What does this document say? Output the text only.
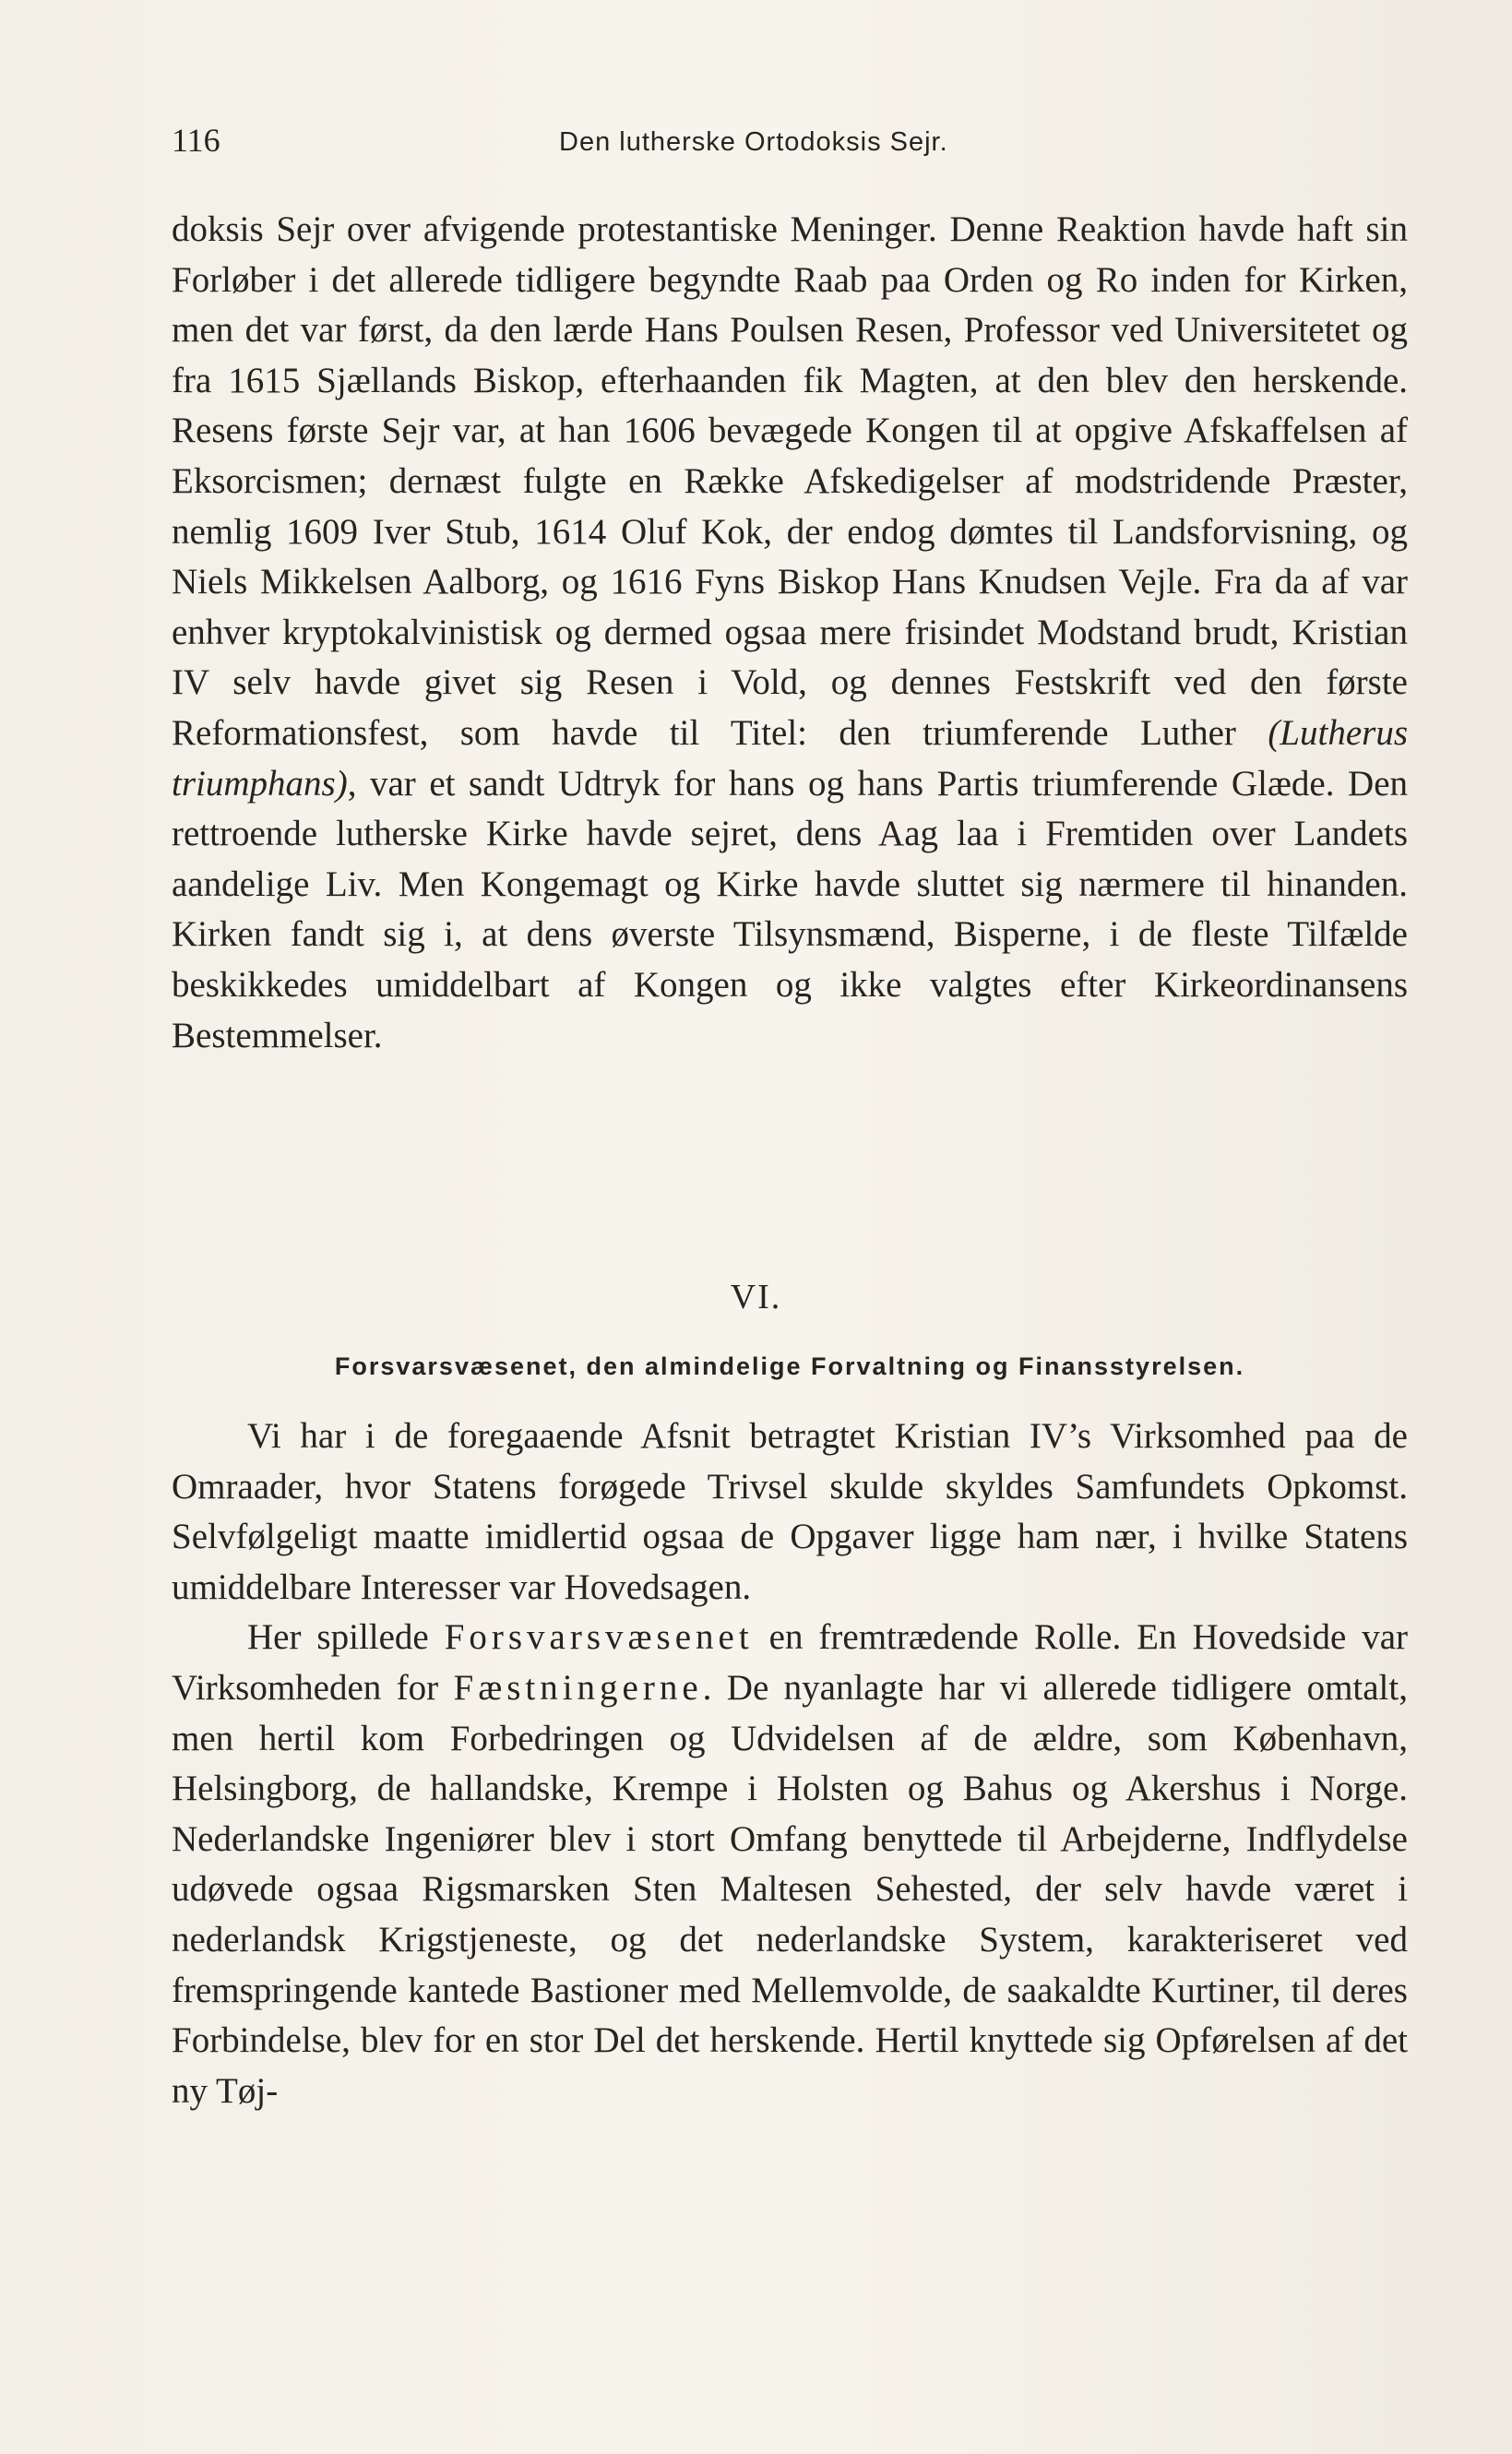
116	Den lutherske Ortodoksis Sejr.

doksis Sejr over afvigende protestantiske Meninger. Denne Reaktion havde haft sin Forløber i det allerede tidligere begyndte Raab paa Orden og Ro inden for Kirken, men det var først, da den lærde Hans Poulsen Resen, Professor ved Universitetet og fra 1615 Sjællands Biskop, efterhaanden fik Magten, at den blev den herskende. Resens første Sejr var, at han 1606 bevægede Kongen til at opgive Afskaffelsen af Eksorcismen; dernæst fulgte en Række Afskedigelser af modstridende Præster, nemlig 1609 Iver Stub, 1614 Oluf Kok, der endog dømtes til Landsforvisning, og Niels Mikkelsen Aalborg, og 1616 Fyns Biskop Hans Knudsen Vejle. Fra da af var enhver kryptokalvinistisk og dermed ogsaa mere frisindet Modstand brudt, Kristian IV selv havde givet sig Resen i Vold, og dennes Festskrift ved den første Reformationsfest, som havde til Titel: den triumferende Luther (Lutherus triumphans), var et sandt Udtryk for hans og hans Partis triumferende Glæde. Den rettroende lutherske Kirke havde sejret, dens Aag laa i Fremtiden over Landets aandelige Liv. Men Kongemagt og Kirke havde sluttet sig nærmere til hinanden. Kirken fandt sig i, at dens øverste Tilsynsmænd, Bisperne, i de fleste Tilfælde beskikkedes umiddelbart af Kongen og ikke valgtes efter Kirkeordinansens Bestemmelser.

VI.
Forsvarsvæsenet, den almindelige Forvaltning og Finansstyrelsen.

Vi har i de foregaaende Afsnit betragtet Kristian IV’s Virksomhed paa de Omraader, hvor Statens forøgede Trivsel skulde skyldes Samfundets Opkomst. Selvfølgeligt maatte imidlertid ogsaa de Opgaver ligge ham nær, i hvilke Statens umiddelbare Interesser var Hovedsagen.

Her spillede Forsvarsvæsenet en fremtrædende Rolle. En Hovedside var Virksomheden for Fæstningerne. De nyanlagte har vi allerede tidligere omtalt, men hertil kom Forbedringen og Udvidelsen af de ældre, som København, Helsingborg, de hallandske, Krempe i Holsten og Bahus og Akershus i Norge. Nederlandske Ingeniører blev i stort Omfang benyttede til Arbejderne, Indflydelse udøvede ogsaa Rigsmarsken Sten Maltesen Sehested, der selv havde været i nederlandsk Krigstjeneste, og det nederlandske System, karakteriseret ved fremspringende kantede Bastioner med Mellemvolde, de saakaldte Kurtiner, til deres Forbindelse, blev for en stor Del det herskende. Hertil knyttede sig Opførelsen af det ny Tøj-
